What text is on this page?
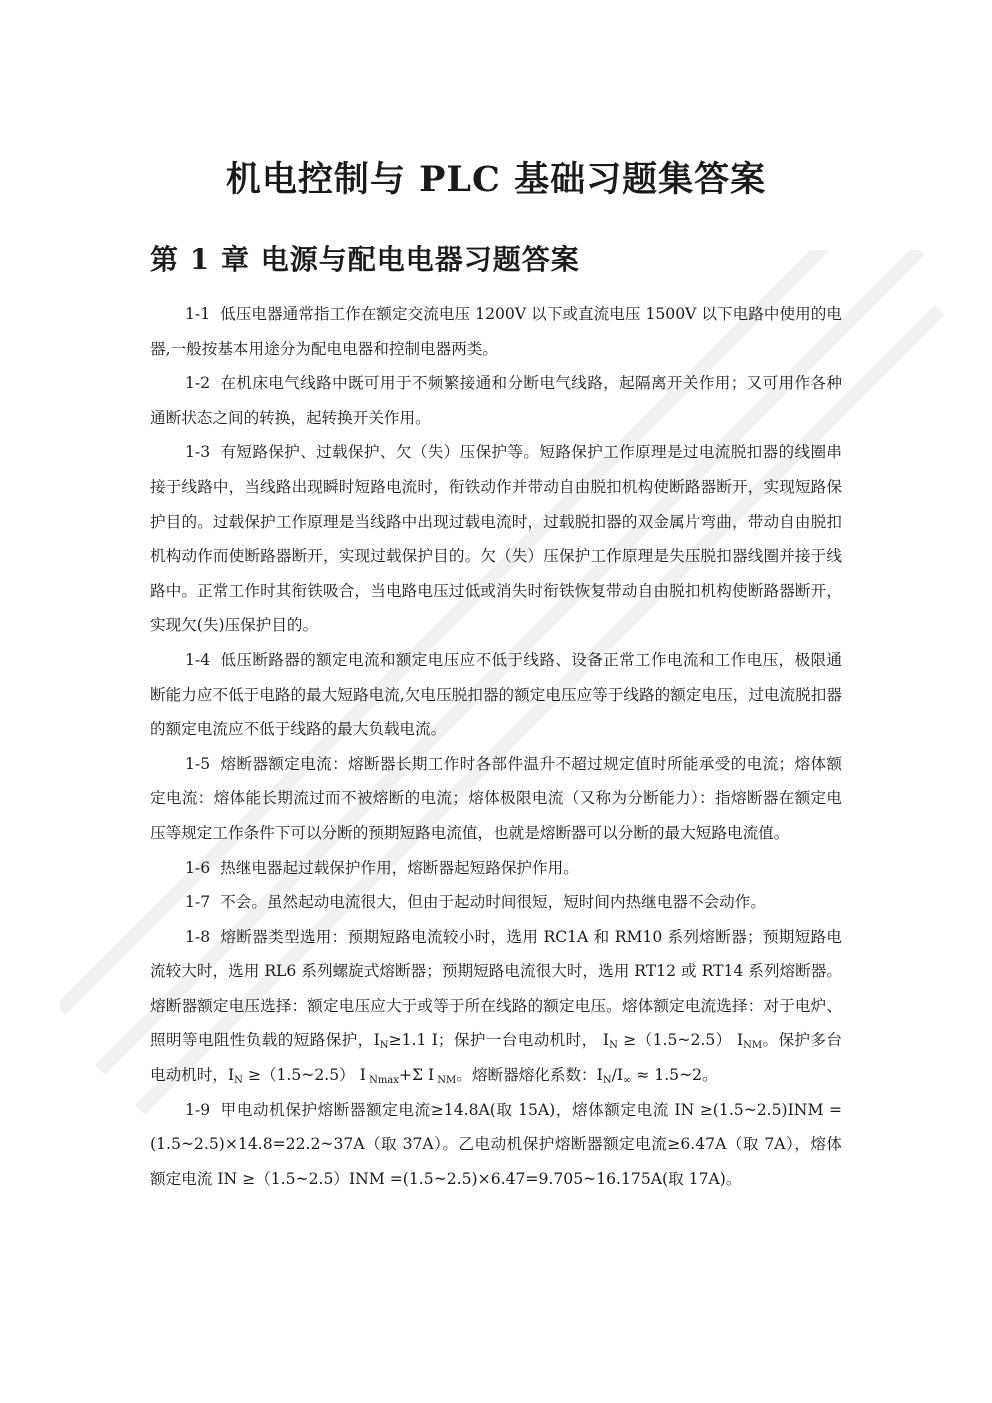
机电控制与 PLC 基础习题集答案
第 1 章 电源与配电电器习题答案

1-1 低压电器通常指工作在额定交流电压 1200V 以下或直流电压 1500V 以下电路中使用的电器,一般按基本用途分为配电电器和控制电器两类。

1-2 在机床电气线路中既可用于不频繁接通和分断电气线路，起隔离开关作用；又可用作各种通断状态之间的转换，起转换开关作用。

1-3 有短路保护、过载保护、欠（失）压保护等。短路保护工作原理是过电流脱扣器的线圈串接于线路中，当线路出现瞬时短路电流时，衔铁动作并带动自由脱扣机构使断路器断开，实现短路保护目的。过载保护工作原理是当线路中出现过载电流时，过载脱扣器的双金属片弯曲，带动自由脱扣机构动作而使断路器断开，实现过载保护目的。欠（失）压保护工作原理是失压脱扣器线圈并接于线路中。正常工作时其衔铁吸合，当电路电压过低或消失时衔铁恢复带动自由脱扣机构使断路器断开，实现欠(失)压保护目的。

1-4 低压断路器的额定电流和额定电压应不低于线路、设备正常工作电流和工作电压，极限通断能力应不低于电路的最大短路电流,欠电压脱扣器的额定电压应等于线路的额定电压，过电流脱扣器的额定电流应不低于线路的最大负载电流。

1-5 熔断器额定电流：熔断器长期工作时各部件温升不超过规定值时所能承受的电流；熔体额定电流：熔体能长期流过而不被熔断的电流；熔体极限电流（又称为分断能力）：指熔断器在额定电压等规定工作条件下可以分断的预期短路电流值，也就是熔断器可以分断的最大短路电流值。

1-6 热继电器起过载保护作用，熔断器起短路保护作用。

1-7 不会。虽然起动电流很大，但由于起动时间很短，短时间内热继电器不会动作。

1-8 熔断器类型选用：预期短路电流较小时，选用 RC1A 和 RM10 系列熔断器；预期短路电流较大时，选用 RL6 系列螺旋式熔断器；预期短路电流很大时，选用 RT12 或 RT14 系列熔断器。熔断器额定电压选择：额定电压应大于或等于所在线路的额定电压。熔体额定电流选择：对于电炉、照明等电阻性负载的短路保护，$I_N\ge 1.1$ I；保护一台电动机时， $I_N$ ≥（1.5~2.5） $I_{NM}$。保护多台电动机时，$I_N$ ≥（1.5~2.5） I $_{Nmax}$+Σ I $_{NM}$。熔断器熔化系数：$I_N/I_\infty$ ≈ 1.5~2。

1-9 甲电动机保护熔断器额定电流≥14.8A(取 15A)，熔体额定电流 IN ≥(1.5~2.5)INM =(1.5~2.5)×14.8=22.2~37A（取 37A）。乙电动机保护熔断器额定电流≥6.47A（取 7A），熔体额定电流 IN ≥（1.5~2.5）INM =(1.5~2.5)×6.47=9.705~16.175A(取 17A)。
